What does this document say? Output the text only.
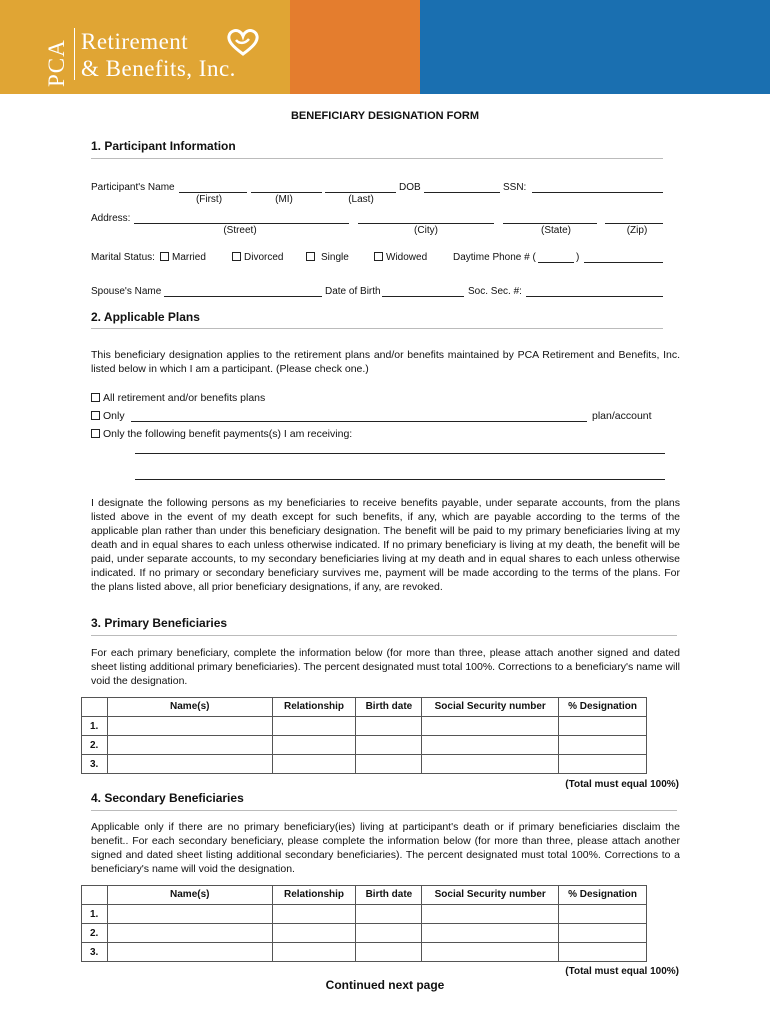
PCA Retirement
& Benefits, Inc.
BENEFICIARY DESIGNATION FORM
1. Participant Information
Participant's Name	DOB	SSN:
(First)	(MI)	(Last)
Address:
(Street)	(City)	(State)	(Zip)
Marital Status:	Married	Divorced	Single	Widowed	Daytime Phone # (	)
Spouse's Name	Date of Birth	Soc. Sec. #:
2. Applicable Plans
This beneficiary designation applies to the retirement plans and/or benefits maintained by PCA Retirement and Benefits, Inc. listed below in which I am a participant. (Please check one.)
All retirement and/or benefits plans
Only	plan/account
Only the following benefit payments(s) I am receiving:
I designate the following persons as my beneficiaries to receive benefits payable, under separate accounts, from the plans listed above in the event of my death except for such benefits, if any, which are payable according to the terms of the applicable plan rather than under this beneficiary designation. The benefit will be paid to my primary beneficiaries living at my death and in equal shares to each unless otherwise indicated. If no primary beneficiary is living at my death, the benefit will be paid, under separate accounts, to my secondary beneficiaries living at my death and in equal shares to each unless otherwise indicated. If no primary or secondary beneficiary survives me, payment will be made according to the terms of the plans. For the plans listed above, all prior beneficiary designations, if any, are revoked.
3. Primary Beneficiaries
For each primary beneficiary, complete the information below (for more than three, please attach another signed and dated sheet listing additional primary beneficiaries). The percent designated must total 100%. Corrections to a beneficiary's name will void the designation.
	Name(s)	Relationship	Birth date	Social Security number	% Designation
1.					
2.					
3.					
(Total must equal 100%)
4. Secondary Beneficiaries
Applicable only if there are no primary beneficiary(ies) living at participant's death or if primary beneficiaries disclaim the benefit.. For each secondary beneficiary, please complete the information below (for more than three, please attach another signed and dated sheet listing additional secondary beneficiaries). The percent designated must total 100%. Corrections to a beneficiary's name will void the designation.
	Name(s)	Relationship	Birth date	Social Security number	% Designation
1.					
2.					
3.					
(Total must equal 100%)
Continued next page
